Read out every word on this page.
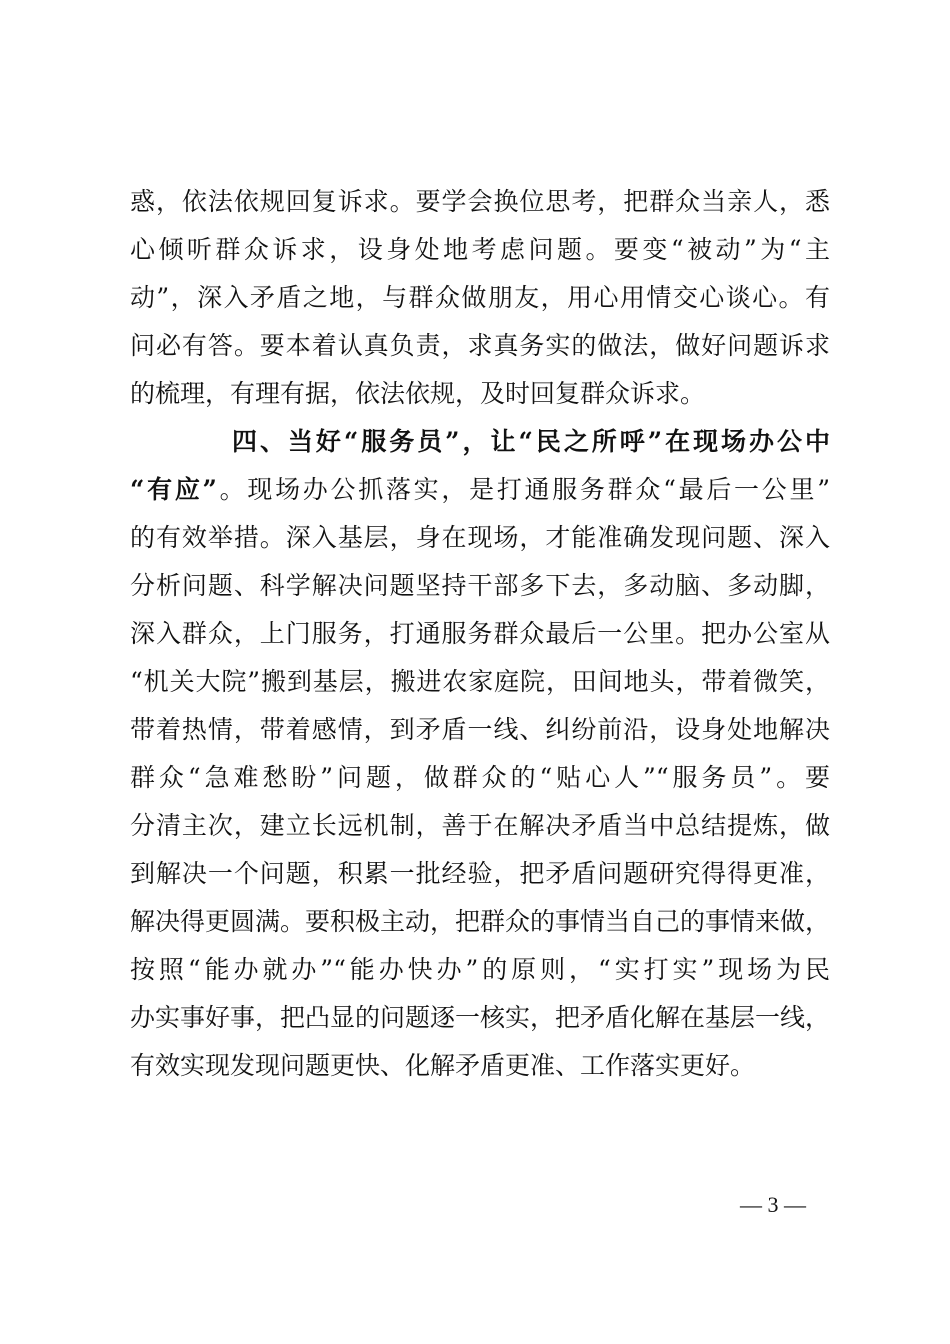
惑，依法依规回复诉求。要学会换位思考，把群众当亲人，悉
心倾听群众诉求，设身处地考虑问题。要变“被动”为“主
动”，深入矛盾之地，与群众做朋友，用心用情交心谈心。有
问必有答。要本着认真负责，求真务实的做法，做好问题诉求
的梳理，有理有据，依法依规，及时回复群众诉求。
四、当好“服务员”，让“民之所呼”在现场办公中
“有应”。现场办公抓落实，是打通服务群众“最后一公里”
的有效举措。深入基层，身在现场，才能准确发现问题、深入
分析问题、科学解决问题坚持干部多下去，多动脑、多动脚，
深入群众，上门服务，打通服务群众最后一公里。把办公室从
“机关大院”搬到基层，搬进农家庭院，田间地头，带着微笑，
带着热情，带着感情，到矛盾一线、纠纷前沿，设身处地解决
群众“急难愁盼”问题，做群众的“贴心人”“服务员”。要
分清主次，建立长远机制，善于在解决矛盾当中总结提炼，做
到解决一个问题，积累一批经验，把矛盾问题研究得得更准，
解决得更圆满。要积极主动，把群众的事情当自己的事情来做，
按照“能办就办”“能办快办”的原则，“实打实”现场为民
办实事好事，把凸显的问题逐一核实，把矛盾化解在基层一线，
有效实现发现问题更快、化解矛盾更准、工作落实更好。
— 3 —
